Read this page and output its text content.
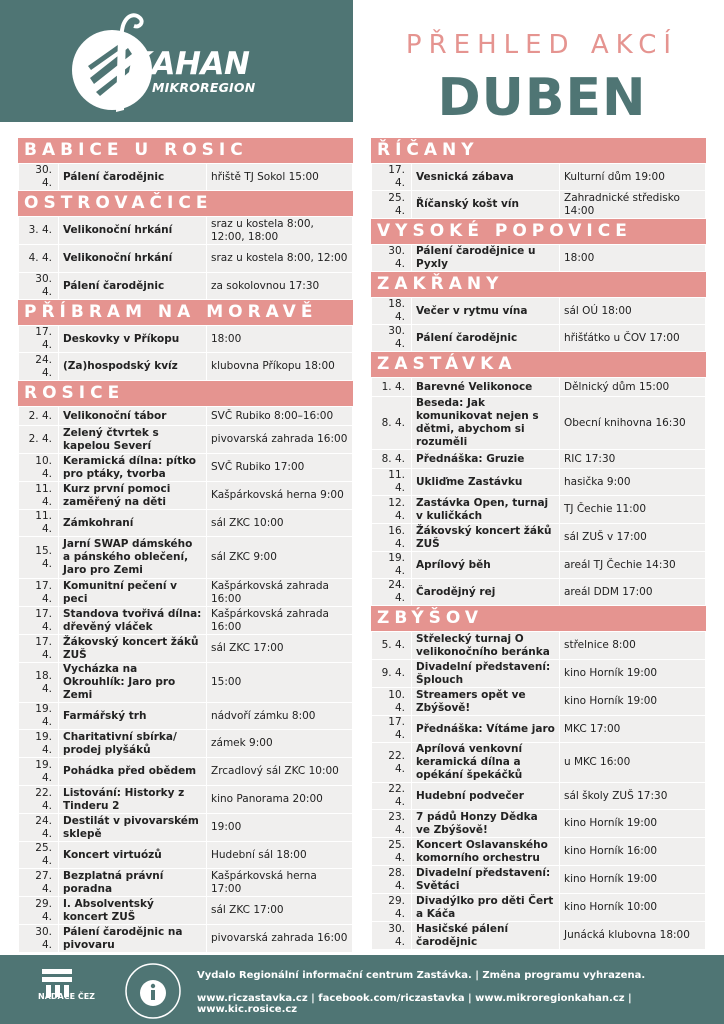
KAHAN
MIKROREGION
PŘEHLED AKCÍ
DUBEN
BABICE U ROSIC
30. 4.	Pálení čarodějnic	hřiště TJ Sokol 15:00
OSTROVAČICE
3. 4.	Velikonoční hrkání	sraz u kostela 8:00, 12:00, 18:00
4. 4.	Velikonoční hrkání	sraz u kostela 8:00, 12:00
30. 4.	Pálení čarodějnic	za sokolovnou 17:30
PŘÍBRAM NA MORAVĚ
17. 4.	Deskovky v Příkopu	18:00
24. 4.	(Za)hospodský kvíz	klubovna Příkopu 18:00
ROSICE
2. 4.	Velikonoční tábor	SVČ Rubiko 8:00–16:00
2. 4.	Zelený čtvrtek s kapelou Severí	pivovarská zahrada 16:00
10. 4.	Keramická dílna: pítko pro ptáky, tvorba	SVČ Rubiko 17:00
11. 4.	Kurz první pomoci zaměřený na děti	Kašpárkovská herna 9:00
11. 4.	Zámkohraní	sál ZKC 10:00
15. 4.	Jarní SWAP dámského a pánského oblečení, Jaro pro Zemi	sál ZKC 9:00
17. 4.	Komunitní pečení v peci	Kašpárkovská zahrada 16:00
17. 4.	Standova tvořivá dílna: dřevěný vláček	Kašpárkovská zahrada 16:00
17. 4.	Žákovský koncert žáků ZUŠ	sál ZKC 17:00
18. 4.	Vycházka na Okrouhlík: Jaro pro Zemi	15:00
19. 4.	Farmářský trh	nádvoří zámku 8:00
19. 4.	Charitativní sbírka/ prodej plyšáků	zámek 9:00
19. 4.	Pohádka před obědem	Zrcadlový sál ZKC 10:00
22. 4.	Listování: Historky z Tinderu 2	kino Panorama 20:00
24. 4.	Destilát v pivovarském sklepě	19:00
25. 4.	Koncert virtuózů	Hudební sál 18:00
27. 4.	Bezplatná právní poradna	Kašpárkovská herna 17:00
29. 4.	I. Absolventský koncert ZUŠ	sál ZKC 17:00
30. 4.	Pálení čarodějnic na pivovaru	pivovarská zahrada 16:00
ŘÍČANY
17. 4.	Vesnická zábava	Kulturní dům 19:00
25. 4.	Říčanský košt vín	Zahradnické středisko 14:00
VYSOKÉ POPOVICE
30. 4.	Pálení čarodějnice u Pyxly	18:00
ZAKŘANY
18. 4.	Večer v rytmu vína	sál OÚ 18:00
30. 4.	Pálení čarodějnic	hřišťátko u ČOV 17:00
ZASTÁVKA
1. 4.	Barevné Velikonoce	Dělnický dům 15:00
8. 4.	Beseda: Jak komunikovat nejen s dětmi, abychom si rozuměli	Obecní knihovna 16:30
8. 4.	Přednáška: Gruzie	RIC 17:30
11. 4.	Ukliďme Zastávku	hasička 9:00
12. 4.	Zastávka Open, turnaj v kuličkách	TJ Čechie 11:00
16. 4.	Žákovský koncert žáků ZUŠ	sál ZUŠ v 17:00
19. 4.	Aprílový běh	areál TJ Čechie 14:30
24. 4.	Čarodějný rej	areál DDM 17:00
ZBÝŠOV
5. 4.	Střelecký turnaj O velikonočního beránka	střelnice 8:00
9. 4.	Divadelní představení: Šplouch	kino Horník 19:00
10. 4.	Streamers opět ve Zbýšově!	kino Horník 19:00
17. 4.	Přednáška: Vítáme jaro	MKC 17:00
22. 4.	Aprílová venkovní keramická dílna a opékání špekáčků	u MKC 16:00
22. 4.	Hudební podvečer	sál školy ZUŠ 17:30
23. 4.	7 pádů Honzy Dědka ve Zbýšově!	kino Horník 19:00
25. 4.	Koncert Oslavanského komorního orchestru	kino Horník 16:00
28. 4.	Divadelní představení: Světáci	kino Horník 19:00
29. 4.	Divadýlko pro děti Čert a Káča	kino Horník 10:00
30. 4.	Hasičské pálení čarodějnic	Junácká klubovna 18:00
NADACE ČEZ
Vydalo Regionální informační centrum Zastávka. | Změna programu vyhrazena.
www.riczastavka.cz | facebook.com/riczastavka | www.mikroregionkahan.cz | www.kic.rosice.cz
